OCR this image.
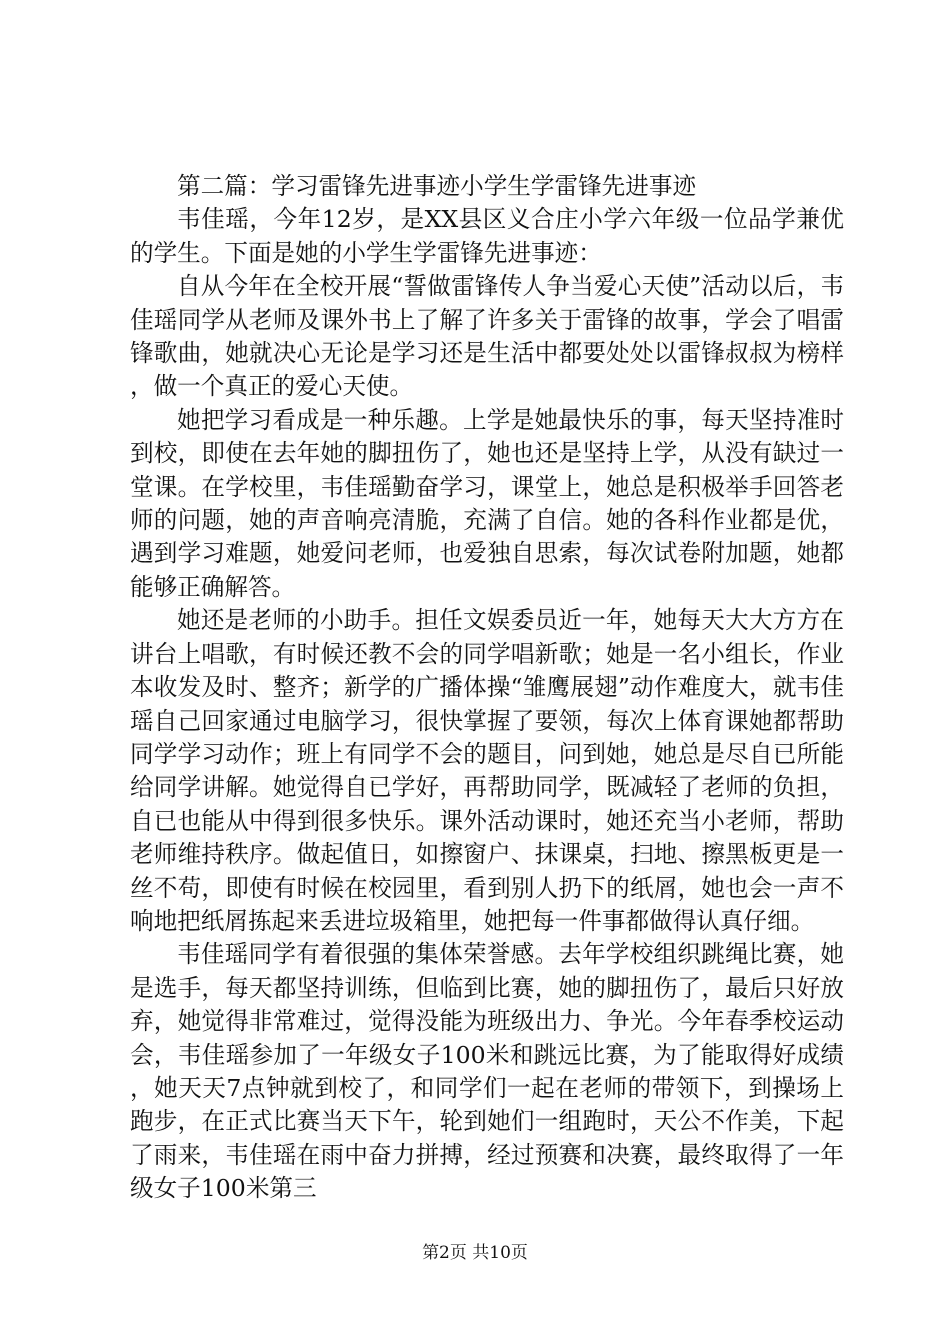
第二篇：学习雷锋先进事迹小学生学雷锋先进事迹

韦佳瑶，今年12岁，是XX县区义合庄小学六年级一位品学兼优的学生。下面是她的小学生学雷锋先进事迹：

自从今年在全校开展“誓做雷锋传人争当爱心天使”活动以后，韦佳瑶同学从老师及课外书上了解了许多关于雷锋的故事，学会了唱雷锋歌曲，她就决心无论是学习还是生活中都要处处以雷锋叔叔为榜样，做一个真正的爱心天使。

她把学习看成是一种乐趣。上学是她最快乐的事，每天坚持准时到校，即使在去年她的脚扭伤了，她也还是坚持上学，从没有缺过一堂课。在学校里，韦佳瑶勤奋学习，课堂上，她总是积极举手回答老师的问题，她的声音响亮清脆，充满了自信。她的各科作业都是优，遇到学习难题，她爱问老师，也爱独自思索，每次试卷附加题，她都能够正确解答。

她还是老师的小助手。担任文娱委员近一年，她每天大大方方在讲台上唱歌，有时候还教不会的同学唱新歌；她是一名小组长，作业本收发及时、整齐；新学的广播体操“雏鹰展翅”动作难度大，就韦佳瑶自己回家通过电脑学习，很快掌握了要领，每次上体育课她都帮助同学学习动作；班上有同学不会的题目，问到她，她总是尽自已所能给同学讲解。她觉得自已学好，再帮助同学，既减轻了老师的负担，自已也能从中得到很多快乐。课外活动课时，她还充当小老师，帮助老师维持秩序。做起值日，如擦窗户、抹课桌，扫地、擦黑板更是一丝不苟，即使有时候在校园里，看到别人扔下的纸屑，她也会一声不响地把纸屑拣起来丢进垃圾箱里，她把每一件事都做得认真仔细。

韦佳瑶同学有着很强的集体荣誉感。去年学校组织跳绳比赛，她是选手，每天都坚持训练，但临到比赛，她的脚扭伤了，最后只好放弃，她觉得非常难过，觉得没能为班级出力、争光。今年春季校运动会，韦佳瑶参加了一年级女子100米和跳远比赛，为了能取得好成绩，她天天7点钟就到校了，和同学们一起在老师的带领下，到操场上跑步，在正式比赛当天下午，轮到她们一组跑时，天公不作美，下起了雨来，韦佳瑶在雨中奋力拼搏，经过预赛和决赛，最终取得了一年级女子100米第三

第2页 共10页
